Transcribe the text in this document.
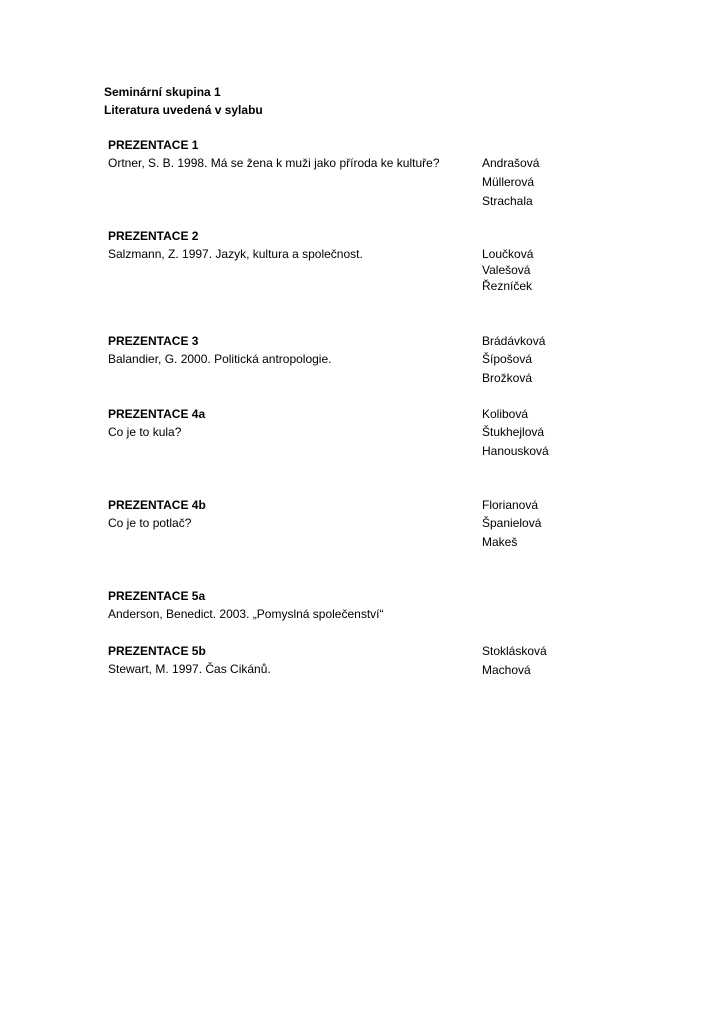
Seminární skupina 1
Literatura uvedená v sylabu
PREZENTACE 1
Ortner, S. B. 1998. Má se žena k muži jako příroda ke kultuře?	Andrašová
Müllerová
Strachala
PREZENTACE 2
Salzmann, Z. 1997. Jazyk, kultura a společnost.	Loučková
Valešová
Řezníček
PREZENTACE 3
Balandier, G. 2000. Politická antropologie.
Brádávková
Šípošová
Brožková
PREZENTACE 4a
Co je to kula?
Kolibová
Štukhejlová
Hanousková
PREZENTACE 4b
Co je to potlač?
Florianová
Španielová
Makeš
PREZENTACE 5a
Anderson, Benedict. 2003. „Pomyslná společenství“
PREZENTACE 5b
Stewart, M. 1997. Čas Cikánů.
Stoklásková
Machová
